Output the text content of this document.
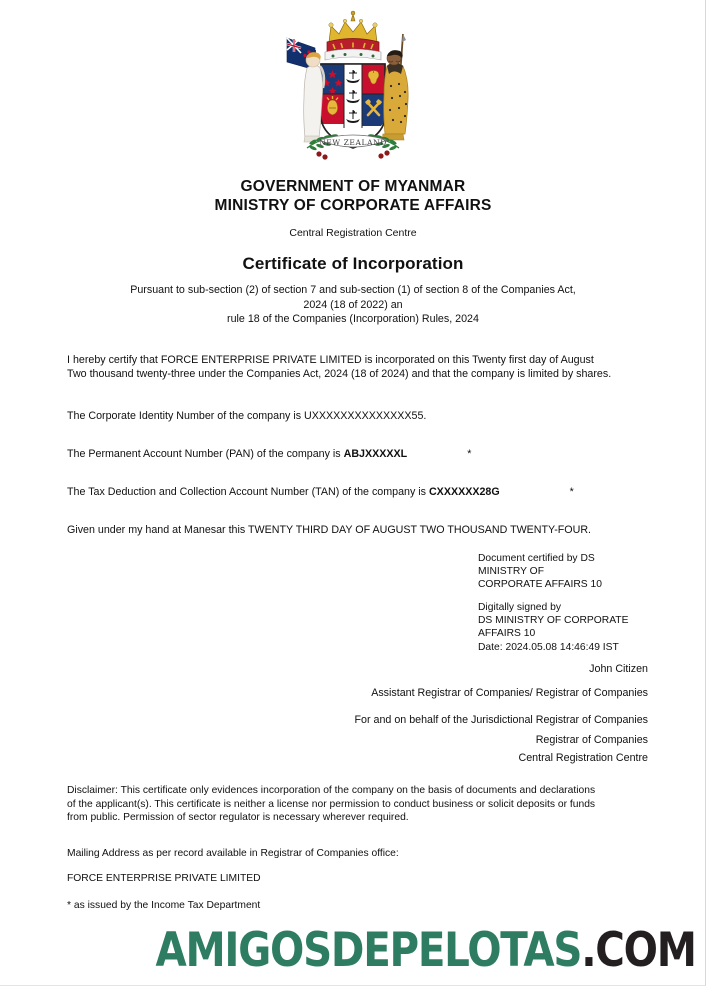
NEW ZEALAND
GOVERNMENT OF MYANMAR
MINISTRY OF CORPORATE AFFAIRS
Central Registration Centre
Certificate of Incorporation
Pursuant to sub-section (2) of section 7 and sub-section (1) of section 8 of the Companies Act,
2024 (18 of 2022) an
rule 18 of the Companies (Incorporation) Rules, 2024
I hereby certify that FORCE ENTERPRISE PRIVATE LIMITED is incorporated on this Twenty first day of August
Two thousand twenty-three under the Companies Act, 2024 (18 of 2024) and that the company is limited by shares.
The Corporate Identity Number of the company is UXXXXXXXXXXXXXX55.
The Permanent Account Number (PAN) of the company is ABJXXXXXL	*
The Tax Deduction and Collection Account Number (TAN) of the company is CXXXXXX28G	*
Given under my hand at Manesar this TWENTY THIRD DAY OF AUGUST TWO THOUSAND TWENTY-FOUR.
Document certified by DS
MINISTRY OF
CORPORATE AFFAIRS 10
Digitally signed by
DS MINISTRY OF CORPORATE
AFFAIRS 10
Date: 2024.05.08 14:46:49 IST
John Citizen
Assistant Registrar of Companies/ Registrar of Companies
For and on behalf of the Jurisdictional Registrar of Companies
Registrar of Companies
Central Registration Centre
Disclaimer: This certificate only evidences incorporation of the company on the basis of documents and declarations
of the applicant(s). This certificate is neither a license nor permission to conduct business or solicit deposits or funds
from public. Permission of sector regulator is necessary wherever required.
Mailing Address as per record available in Registrar of Companies office:
FORCE ENTERPRISE PRIVATE LIMITED
* as issued by the Income Tax Department
AMIGOSDEPELOTAS.COM
